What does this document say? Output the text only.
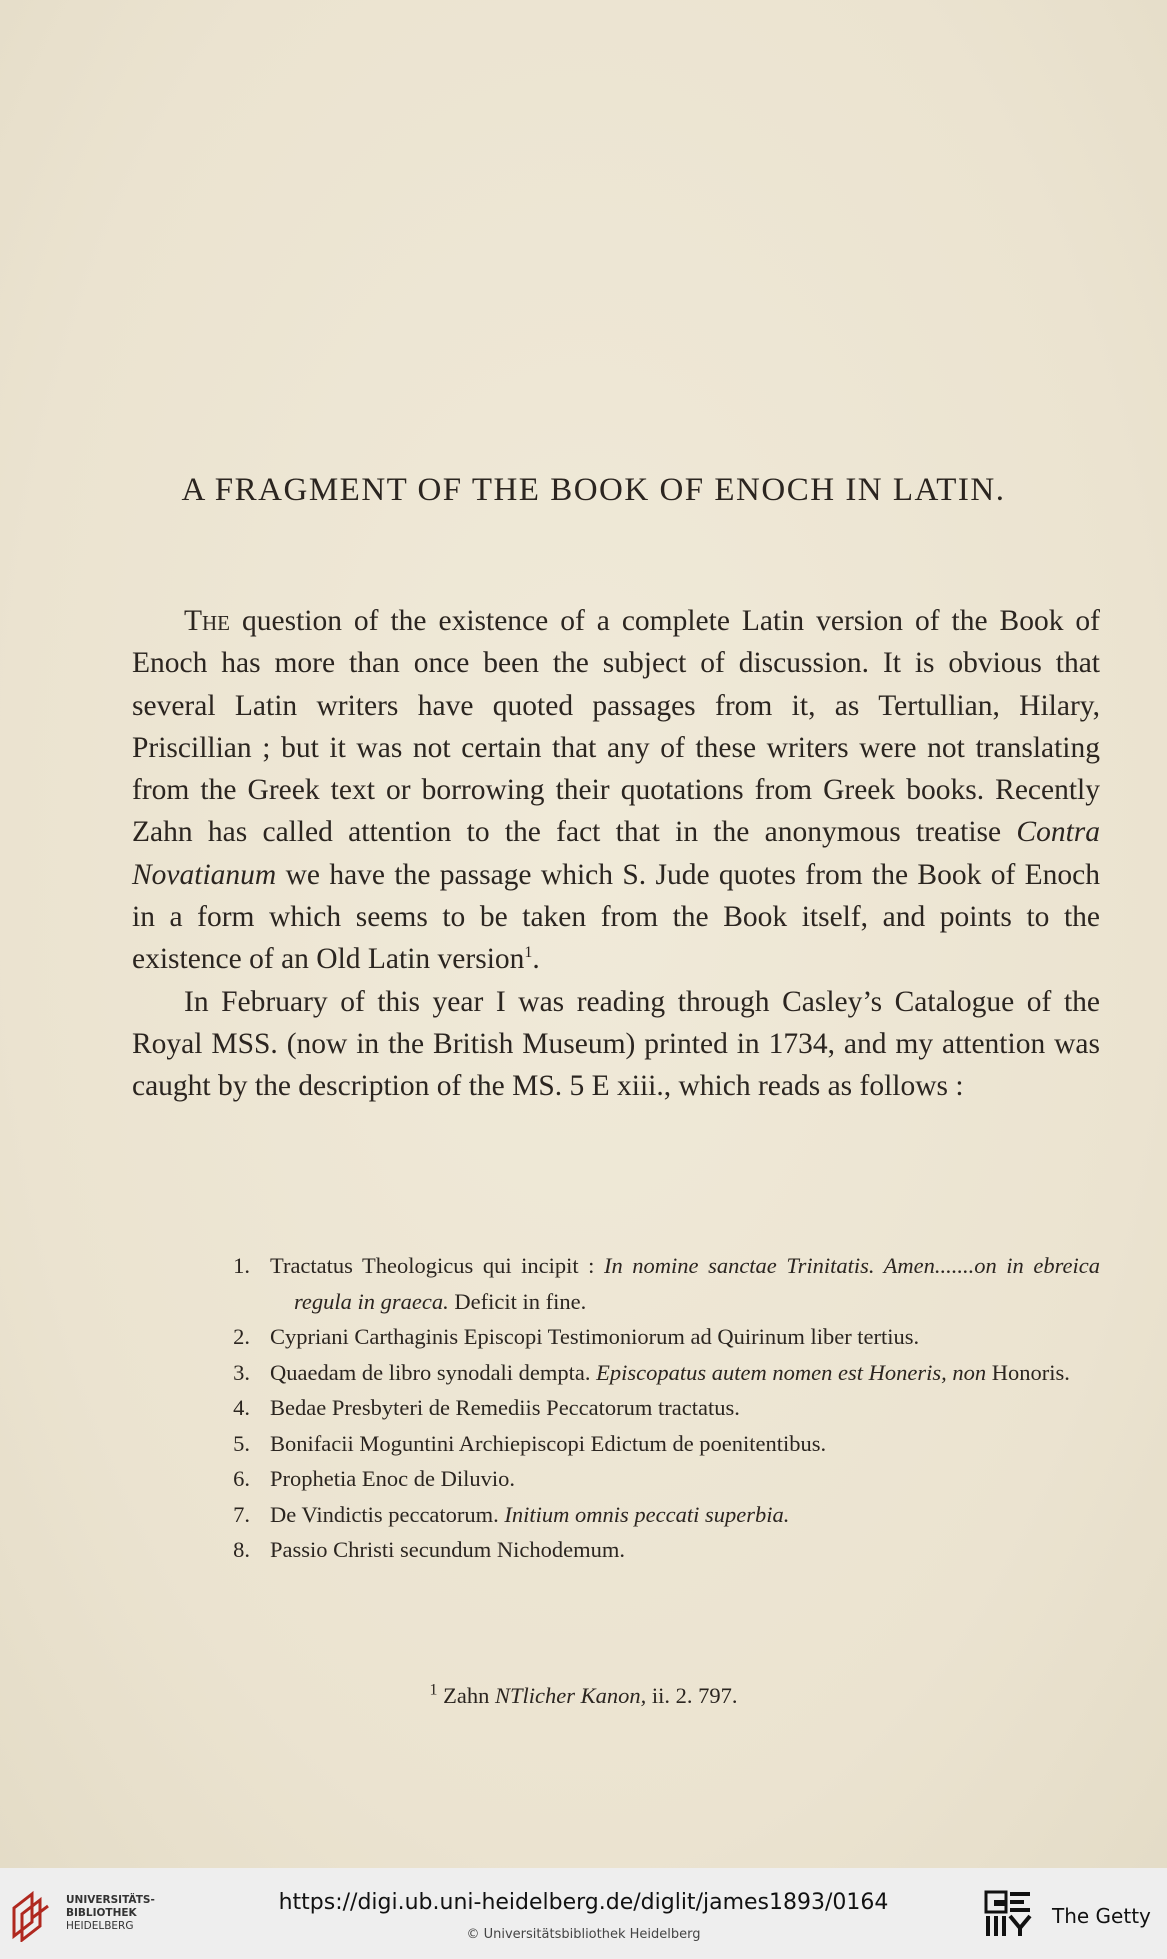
A FRAGMENT OF THE BOOK OF ENOCH IN LATIN.

The question of the existence of a complete Latin version of the Book of Enoch has more than once been the subject of discussion. It is obvious that several Latin writers have quoted passages from it, as Tertullian, Hilary, Priscillian ; but it was not certain that any of these writers were not translating from the Greek text or borrowing their quotations from Greek books. Recently Zahn has called attention to the fact that in the anonymous treatise Contra Novatianum we have the passage which S. Jude quotes from the Book of Enoch in a form which seems to be taken from the Book itself, and points to the existence of an Old Latin version$^1$.

In February of this year I was reading through Casley’s Catalogue of the Royal MSS. (now in the British Museum) printed in 1734, and my attention was caught by the description of the MS. 5 E xiii., which reads as follows :

1. Tractatus Theologicus qui incipit : In nomine sanctae Trinitatis. Amen.......on in ebreica regula in graeca. Deficit in fine.
2. Cypriani Carthaginis Episcopi Testimoniorum ad Quirinum liber tertius.
3. Quaedam de libro synodali dempta. Episcopatus autem nomen est Honeris, non Honoris.
4. Bedae Presbyteri de Remediis Peccatorum tractatus.
5. Bonifacii Moguntini Archiepiscopi Edictum de poenitentibus.
6. Prophetia Enoc de Diluvio.
7. De Vindictis peccatorum. Initium omnis peccati superbia.
8. Passio Christi secundum Nichodemum.
$^1$ Zahn NTlicher Kanon, ii. 2. 797.
UNIVERSITÄTS-
BIBLIOTHEK
HEIDELBERG
https://digi.ub.uni-heidelberg.de/diglit/james1893/0164
© Universitätsbibliothek Heidelberg
The Getty
